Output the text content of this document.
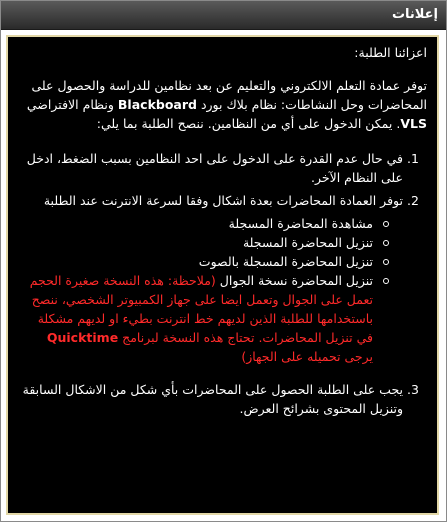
إعلانات

اعزائنا الطلبة:

توفر عمادة التعلم الالكتروني والتعليم عن بعد نظامين للدراسة والحصول على المحاضرات وحل النشاطات: نظام بلاك بورد Blackboard ونظام الافتراضي VLS. يمكن الدخول على أي من النظامين. ننصح الطلبة بما يلي:

1. في حال عدم القدرة على الدخول على احد النظامين بسبب الضغط، ادخل على النظام الآخر.
2. توفر العمادة المحاضرات بعدة اشكال وفقا لسرعة الانترنت عند الطلبة
مشاهدة المحاضرة المسجلة
تنزيل المحاضرة المسجلة
تنزيل المحاضرة المسجلة بالصوت
تنزيل المحاضرة نسخة الجوال (ملاحظة: هذه النسخة صغيرة الحجم تعمل على الجوال وتعمل ايضا على جهاز الكمبيوتر الشخصي، ننصح باستخدامها للطلبة الذين لديهم خط انترنت بطيء او لديهم مشكلة في تنزيل المحاضرات. تحتاج هذه النسخة لبرنامج Quicktime يرجى تحميله على الجهاز)
3. يجب على الطلبة الحصول على المحاضرات بأي شكل من الاشكال السابقة وتنزيل المحتوى بشرائح العرض.
